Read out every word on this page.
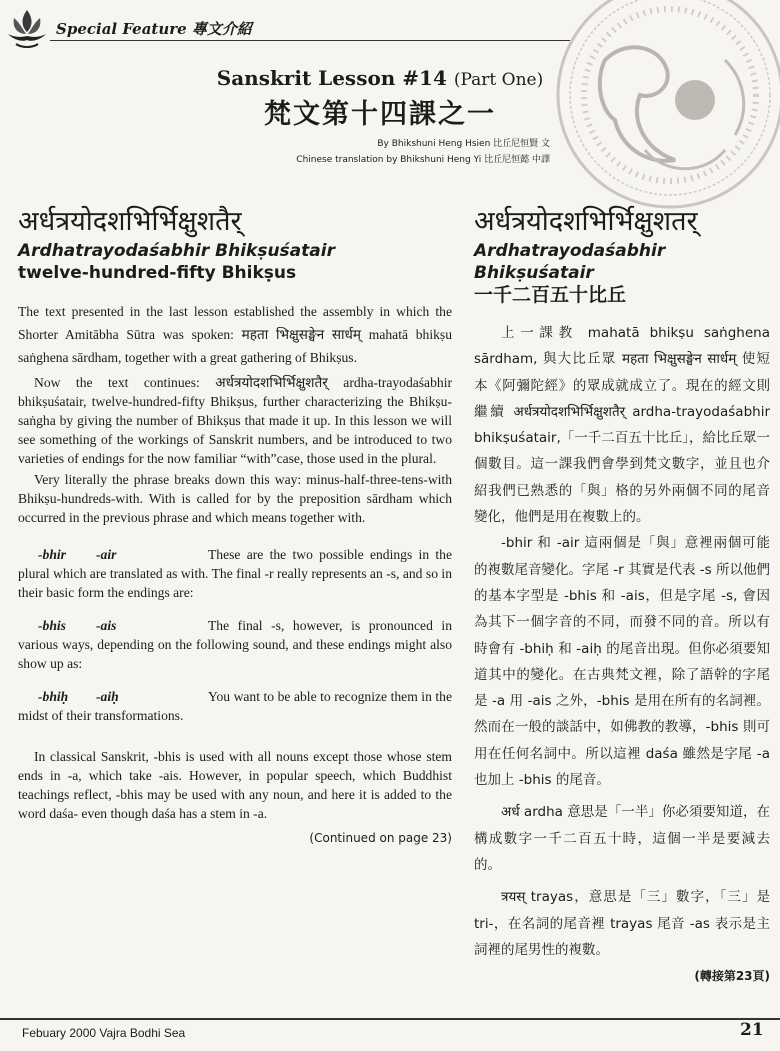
Special Feature 專文介紹
Sanskrit Lesson #14 (Part One)
梵文第十四課之一
By Bhikshuni Heng Hsien 比丘尼恒賢 文
Chinese translation by Bhikshuni Heng Yi 比丘尼恒懿 中譯
अर्धत्रयोदशभिर्भिक्षुशतैर्
Ardhatrayodaśabhir Bhikṣuśatair
twelve-hundred-fifty Bhikṣus

The text presented in the last lesson established the assembly in which the Shorter Amitābha Sūtra was spoken: महता भिक्षुसङ्घेन सार्धम् mahatā bhikṣu saṅghena sārdham, together with a great gathering of Bhikṣus.

Now the text continues: अर्धत्रयोदशभिर्भिक्षुशतैर् ardha-trayodaśabhir bhikṣuśatair, twelve-hundred-fifty Bhikṣus, further characterizing the Bhikṣu-saṅgha by giving the number of Bhikṣus that made it up. In this lesson we will see something of the workings of Sanskrit numbers, and be introduced to two varieties of endings for the now familiar “with”case, those used in the plural.

Very literally the phrase breaks down this way: minus-half-three-tens-with Bhikṣu-hundreds-with. With is called for by the preposition sārdham which occurred in the previous phrase and which means together with.

-bhir	-air	These are the two possible endings in the plural which are translated as with. The final -r really represents an -s, and so in their basic form the endings are:
-bhis	-ais	The final -s, however, is pronounced in various ways, depending on the following sound, and these endings might also show up as:
-bhiḥ	-aiḥ	You want to be able to recognize them in the midst of their transformations.

In classical Sanskrit, -bhis is used with all nouns except those whose stem ends in -a, which take -ais. However, in popular speech, which Buddhist teachings reflect, -bhis may be used with any noun, and here it is added to the word daśa- even though daśa has a stem in -a.

(Continued on page 23)
अर्धत्रयोदशभिर्भिक्षुशतर्
Ardhatrayodaśabhir Bhikṣuśatair
一千二百五十比丘

上一課教 mahatā bhikṣu saṅghena sārdham, 與大比丘眾 महता भिक्षुसङ्घेन सार्धम् 使短本《阿彌陀經》的眾成就成立了。現在的經文則繼續 अर्धत्रयोदशभिर्भिक्षुशतैर् ardha-trayodaśabhir bhikṣuśatair,「一千二百五十比丘」，給比丘眾一個數目。這一課我們會學到梵文數字，並且也介紹我們已熟悉的「與」格的另外兩個不同的尾音變化，他們是用在複數上的。

-bhir 和 -air 這兩個是「與」意裡兩個可能的複數尾音變化。字尾 -r 其實是代表 -s 所以他們的基本字型是 -bhis 和 -ais，但是字尾 -s, 會因為其下一個字音的不同，而發不同的音。所以有時會有 -bhiḥ 和 -aiḥ 的尾音出現。但你必須要知道其中的變化。在古典梵文裡，除了語幹的字尾是 -a 用 -ais 之外，-bhis 是用在所有的名詞裡。然而在一般的談話中，如佛教的教導，-bhis 則可用在任何名詞中。所以這裡 daśa 雖然是字尾 -a 也加上 -bhis 的尾音。

अर्ध ardha 意思是「一半」你必須要知道，在構成數字一千二百五十時，這個一半是要減去的。

त्रयस् trayas，意思是「三」數字，「三」是 tri-，在名詞的尾音裡 trayas 尾音 -as 表示是主詞裡的尾男性的複數。

(轉接第23頁)
Febuary 2000 Vajra Bodhi Sea	21
